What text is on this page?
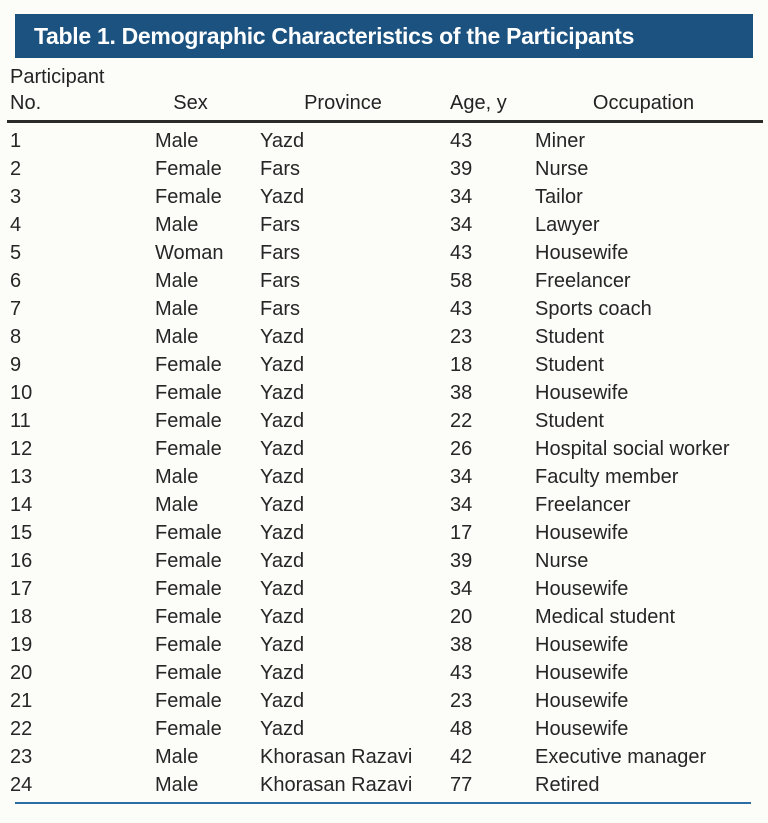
Table 1. Demographic Characteristics of the Participants
Participant
No.	Sex	Province	Age, y	Occupation
1	Male	Yazd	43	Miner
2	Female	Fars	39	Nurse
3	Female	Yazd	34	Tailor
4	Male	Fars	34	Lawyer
5	Woman	Fars	43	Housewife
6	Male	Fars	58	Freelancer
7	Male	Fars	43	Sports coach
8	Male	Yazd	23	Student
9	Female	Yazd	18	Student
10	Female	Yazd	38	Housewife
11	Female	Yazd	22	Student
12	Female	Yazd	26	Hospital social worker
13	Male	Yazd	34	Faculty member
14	Male	Yazd	34	Freelancer
15	Female	Yazd	17	Housewife
16	Female	Yazd	39	Nurse
17	Female	Yazd	34	Housewife
18	Female	Yazd	20	Medical student
19	Female	Yazd	38	Housewife
20	Female	Yazd	43	Housewife
21	Female	Yazd	23	Housewife
22	Female	Yazd	48	Housewife
23	Male	Khorasan Razavi	42	Executive manager
24	Male	Khorasan Razavi	77	Retired
